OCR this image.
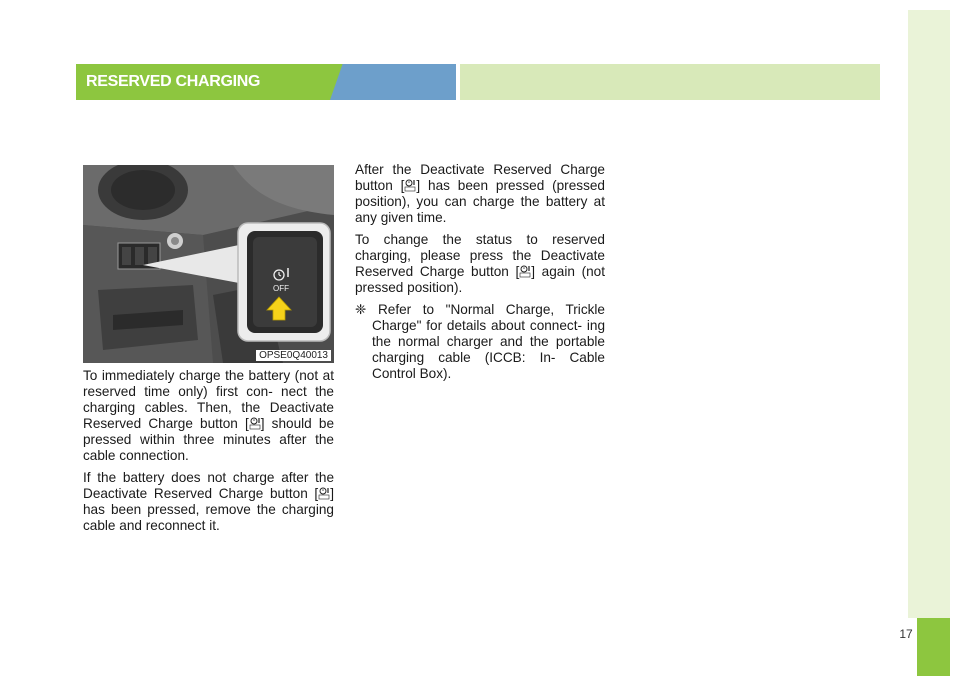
17
RESERVED CHARGING
OFF
OPSE0Q40013

To immediately charge the battery (not at reserved time only) first con- nect the charging cables. Then, the Deactivate Reserved Charge button [ ] should be pressed within three minutes after the cable connection.

If the battery does not charge after the Deactivate Reserved Charge button [ ] has been pressed, remove the charging cable and reconnect it.

After the Deactivate Reserved Charge button [ ] has been pressed (pressed position), you can charge the battery at any given time.

To change the status to reserved charging, please press the Deactivate Reserved Charge button [ ] again (not pressed position).

❈ Refer to "Normal Charge, Trickle Charge" for details about connect- ing the normal charger and the portable charging cable (ICCB: In- Cable Control Box).
